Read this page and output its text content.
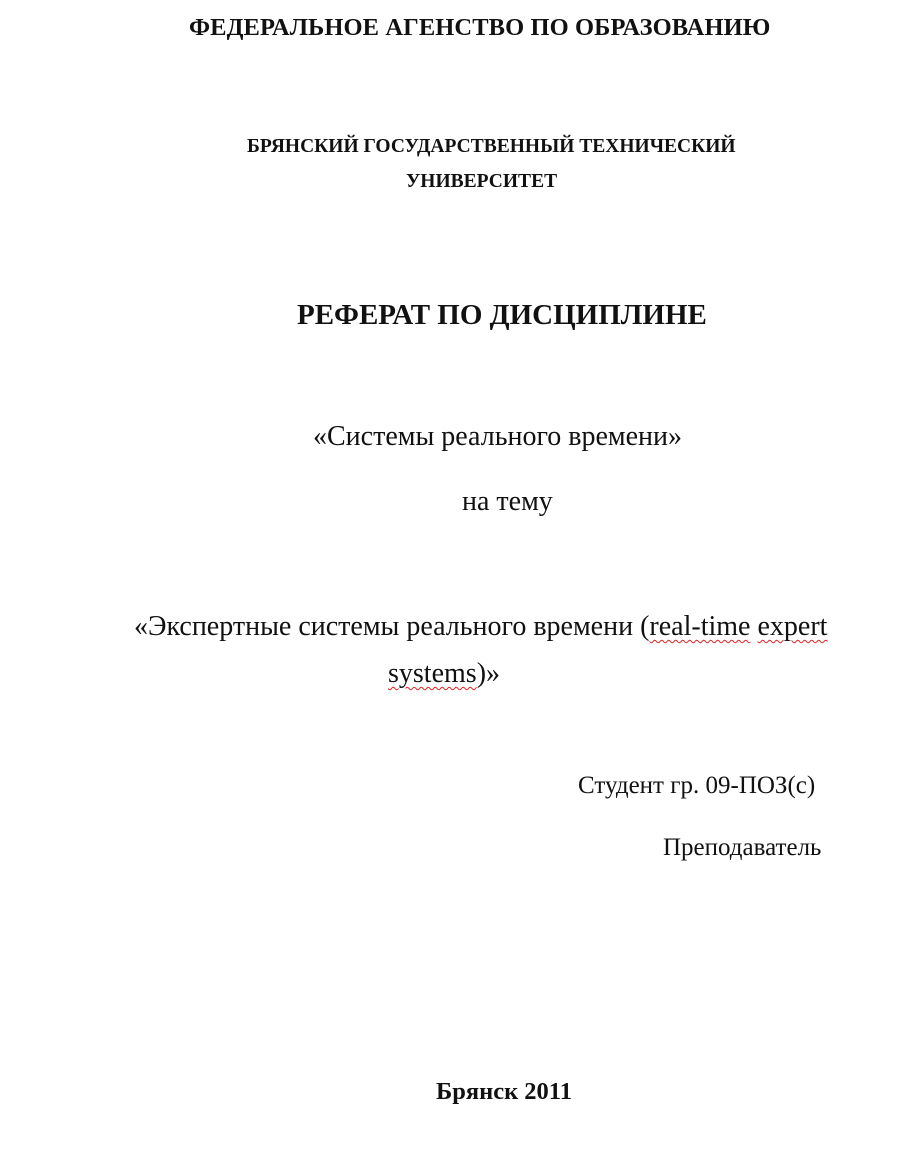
ФЕДЕРАЛЬНОЕ АГЕНСТВО ПО ОБРАЗОВАНИЮ

БРЯНСКИЙ ГОСУДАРСТВЕННЫЙ ТЕХНИЧЕСКИЙ

УНИВЕРСИТЕТ

РЕФЕРАТ ПО ДИСЦИПЛИНЕ

«Системы реального времени»

на тему

«Экспертные системы реального времени (real-time expert

systems)»

Студент гр. 09-ПОЗ(с)

Преподаватель

Брянск 2011
